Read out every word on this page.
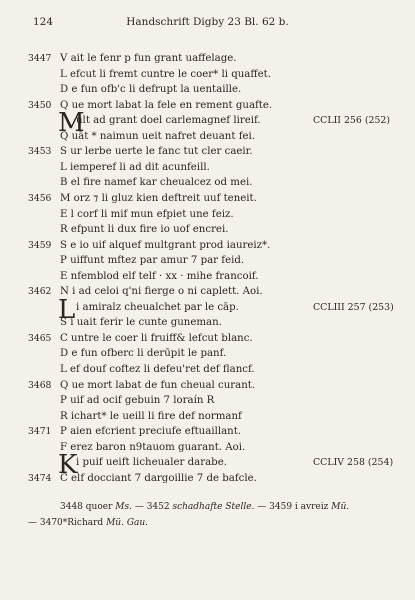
124	Handschrift Digby 23 Bl. 62 b.
3447 V ait le fenr p fun grant uaffelage.
L efcut li fremt cuntre le coer* li quaffet.
D e fun ofb'c li defrupt la uentaille.
3450 Q ue mort labat la fele en rement guafte.
M
ult ad grant doel carlemagnef lireif.	CCLII 256 (252)
Q uāt * naimun ueit nafret deuant fei.
3453 S ur lerbe uerte le fanc tut cler caeir.
L iemperef li ad dit acunfeill.
B el fire namef kar cheualcez od mei.
3456 M orz ⁊ li gluz kien deftreit uuf teneit.
E l corf li mif mun efpiet une feiz.
R efpunt li dux fire io uof encrei.
3459 S e io uif alquef multgrant prod iaureiz*.
P uiffunt mftez par amur 7 par feid.
E nfemblod elf telf · xx · mihe francoif.
3462 N i ad celoi q'ni fierge o ni caplett. Aoi.
L i amiralz cheualchet par le cāp.	CCLIII 257 (253)
S i uait ferir le cunte guneman.
3465 C untre le coer li fruiff& lefcut blanc.
D e fun ofberc li derūpit le panf.
L ef douf coftez li defeu'ret def flancf.
3468 Q ue mort labat de fun cheual curant.
P uif ad ocif gebuin 7 loraín R
R ichart* le ueill li fire def normanf
3471 P aien efcrient preciufe eftuaillant.
F erez baron n9tauom guarant. Aoi.
K
i puif ueift licheualer darabe.	CCLIV 258 (254)
3474 C elf docciant 7 dargoillie 7 de bafcle.
3448 quoer Ms. — 3452 schadhafte Stelle. — 3459 i avreiz Mü.
— 3470*Richard Mü. Gau.
